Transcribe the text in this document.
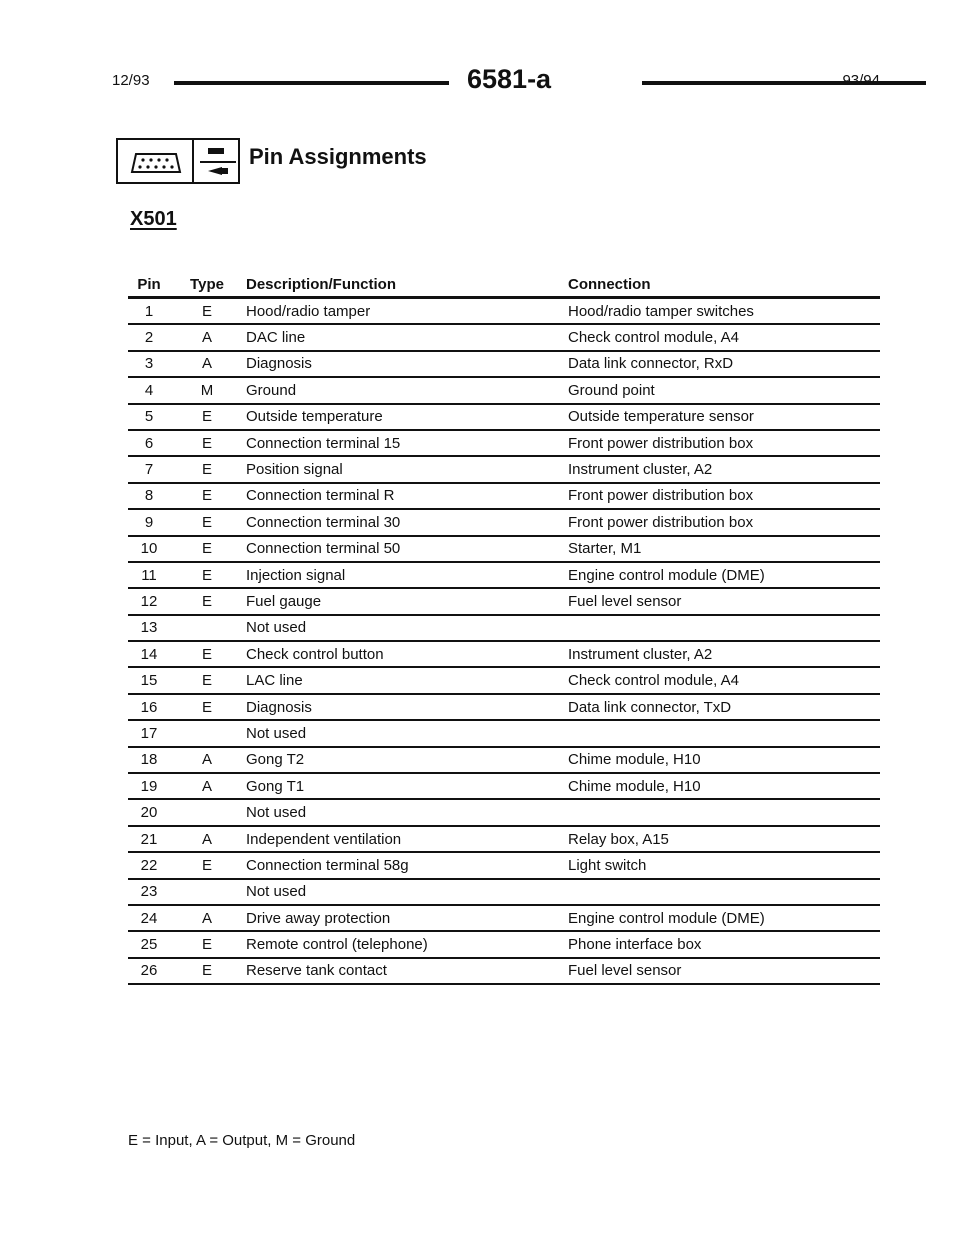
12/93	6581-a	93/94
Pin Assignments
X501
Pin	Type	Description/Function	Connection
1	E	Hood/radio tamper	Hood/radio tamper switches
2	A	DAC line	Check control module, A4
3	A	Diagnosis	Data link connector, RxD
4	M	Ground	Ground point
5	E	Outside temperature	Outside temperature sensor
6	E	Connection terminal 15	Front power distribution box
7	E	Position signal	Instrument cluster, A2
8	E	Connection terminal R	Front power distribution box
9	E	Connection terminal 30	Front power distribution box
10	E	Connection terminal 50	Starter, M1
11	E	Injection signal	Engine control module (DME)
12	E	Fuel gauge	Fuel level sensor
13		Not used	
14	E	Check control button	Instrument cluster, A2
15	E	LAC line	Check control module, A4
16	E	Diagnosis	Data link connector, TxD
17		Not used	
18	A	Gong T2	Chime module, H10
19	A	Gong T1	Chime module, H10
20		Not used	
21	A	Independent ventilation	Relay box, A15
22	E	Connection terminal 58g	Light switch
23		Not used	
24	A	Drive away protection	Engine control module (DME)
25	E	Remote control (telephone)	Phone interface box
26	E	Reserve tank contact	Fuel level sensor
E = Input, A = Output, M = Ground
